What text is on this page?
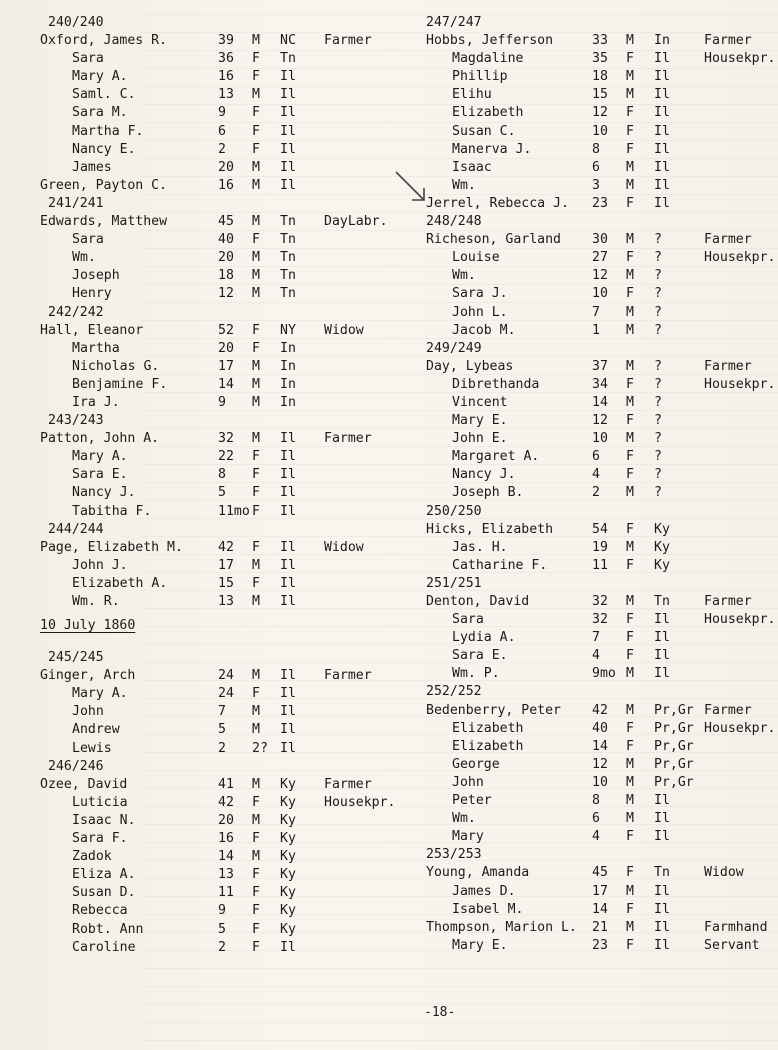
240/240
Oxford, James R.	39 M NC Farmer
Sara	36 F Tn
Mary A.	16 F Il
Saml. C.	13 M Il
Sara M.	9 F Il
Martha F.	6 F Il
Nancy E.	2 F Il
James	20 M Il
Green, Payton C.	16 M Il
241/241
Edwards, Matthew	45 M Tn DayLabr.
Sara	40 F Tn
Wm.	20 M Tn
Joseph	18 M Tn
Henry	12 M Tn
242/242
Hall, Eleanor	52 F NY Widow
Martha	20 F In
Nicholas G.	17 M In
Benjamine F.	14 M In
Ira J.	9 M In
243/243
Patton, John A.	32 M Il Farmer
Mary A.	22 F Il
Sara E.	8 F Il
Nancy J.	5 F Il
Tabitha F.	11mo F Il
244/244
Page, Elizabeth M.	42 F Il Widow
John J.	17 M Il
Elizabeth A.	15 F Il
Wm. R.	13 M Il
10 July 1860
245/245
Ginger, Arch	24 M Il Farmer
Mary A.	24 F Il
John	7 M Il
Andrew	5 M Il
Lewis	2 2? Il
246/246
Ozee, David	41 M Ky Farmer
Luticia	42 F Ky Housekpr.
Isaac N.	20 M Ky
Sara F.	16 F Ky
Zadok	14 M Ky
Eliza A.	13 F Ky
Susan D.	11 F Ky
Rebecca	9 F Ky
Robt. Ann	5 F Ky
Caroline	2 F Il
247/247
Hobbs, Jefferson	33 M In	Farmer
Magdaline	35 F Il	Housekpr.
Phillip	18 M Il
Elihu	15 M Il
Elizabeth	12 F Il
Susan C.	10 F Il
Manerva J.	8 F Il
Isaac	6 M Il
Wm.	3 M Il
Jerrel, Rebecca J. 23 F Il
248/248
Richeson, Garland 30 M ?	Farmer
Louise	27 F ?	Housekpr.
Wm.	12 M ?
Sara J.	10 F ?
John L.	7 M ?
Jacob M.	1 M ?
249/249
Day, Lybeas	37 M ?	Farmer
Dibrethanda	34 F ?	Housekpr.
Vincent	14 M ?
Mary E.	12 F ?
John E.	10 M ?
Margaret A.	6 F ?
Nancy J.	4 F ?
Joseph B.	2 M ?
250/250
Hicks, Elizabeth	54 F Ky
Jas. H.	19 M Ky
Catharine F.	11 F Ky
251/251
Denton, David	32 M Tn	Farmer
Sara	32 F Il	Housekpr.
Lydia A.	7 F Il
Sara E.	4 F Il
Wm. P.	9mo M Il
252/252
Bedenberry, Peter 42 M Pr,Gr Farmer
Elizabeth	40 F Pr,Gr Housekpr.
Elizabeth	14 F Pr,Gr
George	12 M Pr,Gr
John	10 M Pr,Gr
Peter	8 M Il
Wm.	6 M Il
Mary	4 F Il
253/253
Young, Amanda	45 F Tn	Widow
James D.	17 M Il
Isabel M.	14 F Il
Thompson, Marion L. 21 M Il	Farmhand
Mary E.	23 F Il	Servant
-18-
